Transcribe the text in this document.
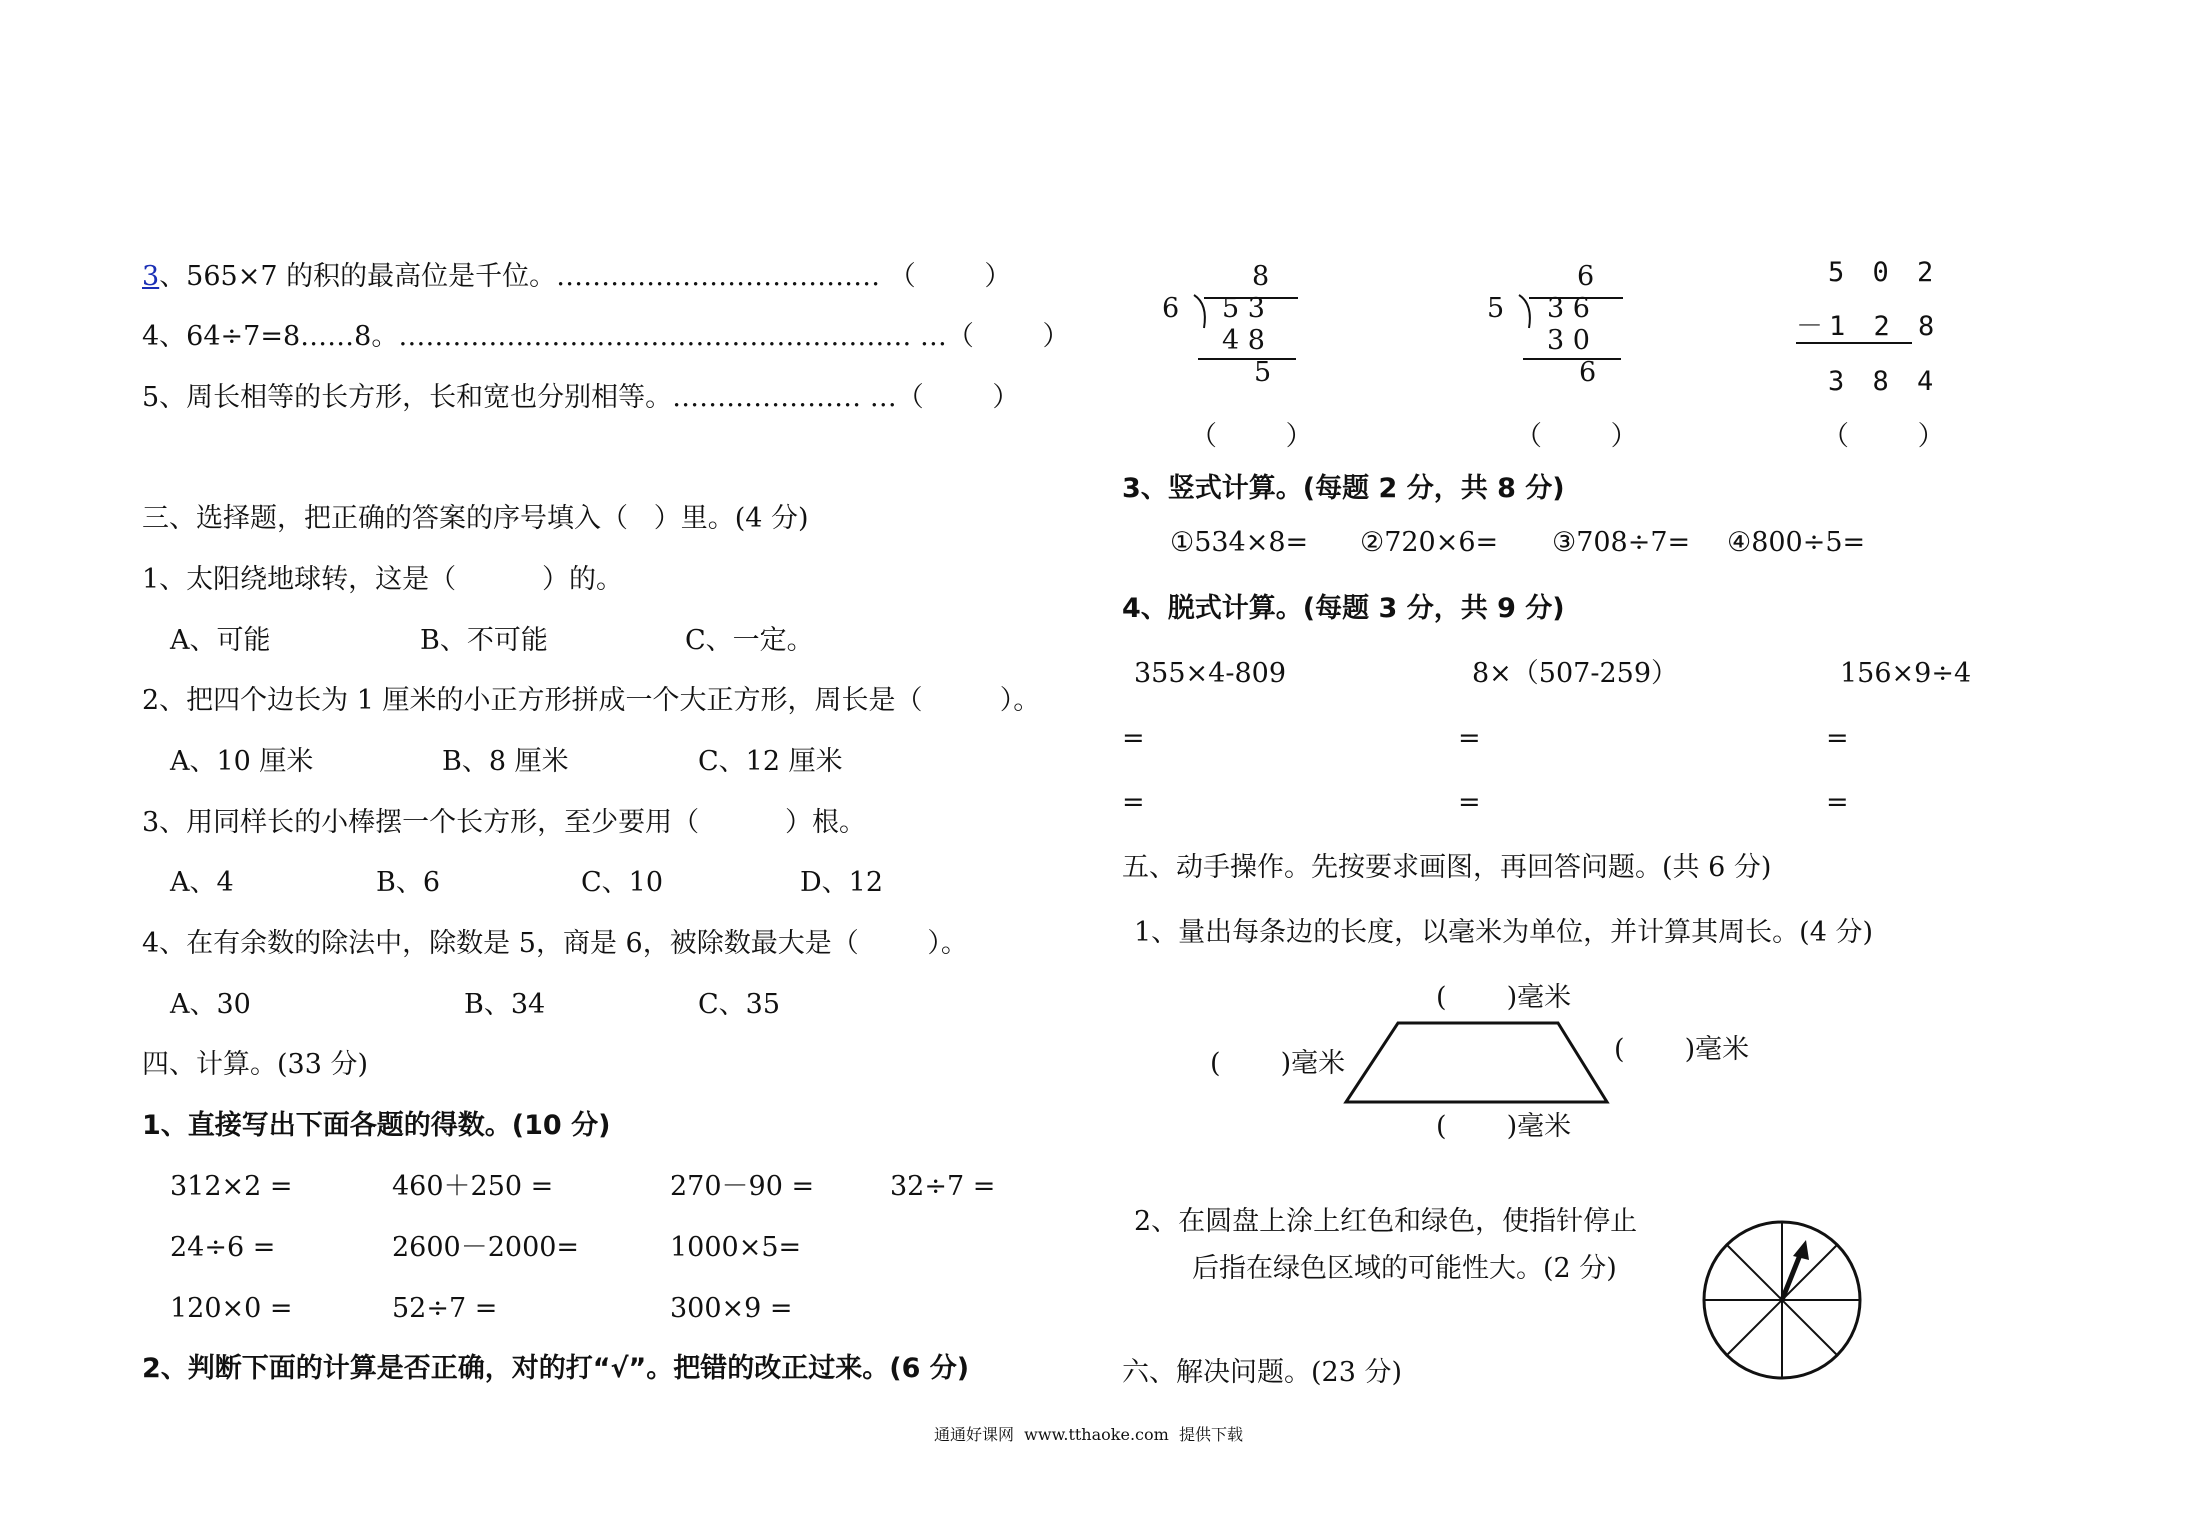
3、565×7 的积的最高位是千位。……………………………… （        ）
4、64÷7=8……8。………………………………………………… …（        ）
5、周长相等的长方形，长和宽也分别相等。………………… …（        ）
三、选择题，把正确的答案的序号填入（   ）里。(4 分)
1、太阳绕地球转，这是（          ）的。
A、可能	B、不可能	C、一定。
2、把四个边长为 1 厘米的小正方形拼成一个大正方形，周长是（         ）。
A、10 厘米	B、8 厘米	C、12 厘米
3、用同样长的小棒摆一个长方形，至少要用（          ）根。
A、4	B、6	C、10	D、12
4、在有余数的除法中，除数是 5，商是 6，被除数最大是（        ）。
A、30	B、34	C、35
四、计算。(33 分)
1、直接写出下面各题的得数。(10 分)
312×2 =	460＋250 =	270－90 =	32÷7 =
24÷6 =	2600－2000=	1000×5=
120×0 =	52÷7 =	300×9 =
2、判断下面的计算是否正确，对的打“√”。把错的改正过来。(6 分)
8
6 5 3
4 8
5
（        ）
6
5 3 6
3 0
6
（        ）
5 0 2
－1 2 8
3 8 4
（        ）
3、竖式计算。(每题 2 分，共 8 分)
①534×8= ②720×6= ③708÷7= ④800÷5=
4、脱式计算。(每题 3 分，共 9 分)
355×4-809	8×（507-259）	156×9÷4
=	=	=
=	=	=
五、动手操作。先按要求画图，再回答问题。(共 6 分)
1、量出每条边的长度，以毫米为单位，并计算其周长。(4 分)
(       )毫米
(       )毫米	(       )毫米
(       )毫米
2、在圆盘上涂上红色和绿色，使指针停止
后指在绿色区域的可能性大。(2 分)
六、解决问题。(23 分)
通通好课网  www.tthaoke.com  提供下载
